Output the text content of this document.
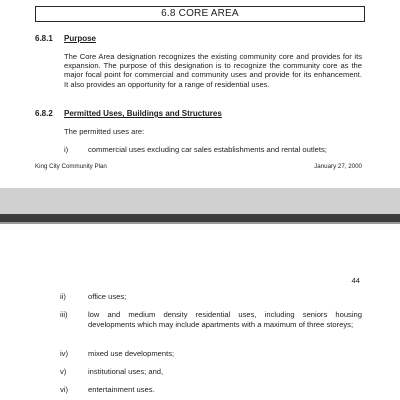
6.8 CORE AREA
6.8.1 Purpose
The Core Area designation recognizes the existing community core and provides for its expansion. The purpose of this designation is to recognize the community core as the major focal point for commercial and community uses and provide for its enhancement. It also provides an opportunity for a range of residential uses.
6.8.2 Permitted Uses, Buildings and Structures
The permitted uses are:
i)	commercial uses excluding car sales establishments and rental outlets;
King City Community Plan	January 27, 2000
44
ii)	office uses;
iii)	low and medium density residential uses, including seniors housing developments which may include apartments with a maximum of three storeys;
iv)	mixed use developments;
v)	institutional uses; and,
vi)	entertainment uses.
